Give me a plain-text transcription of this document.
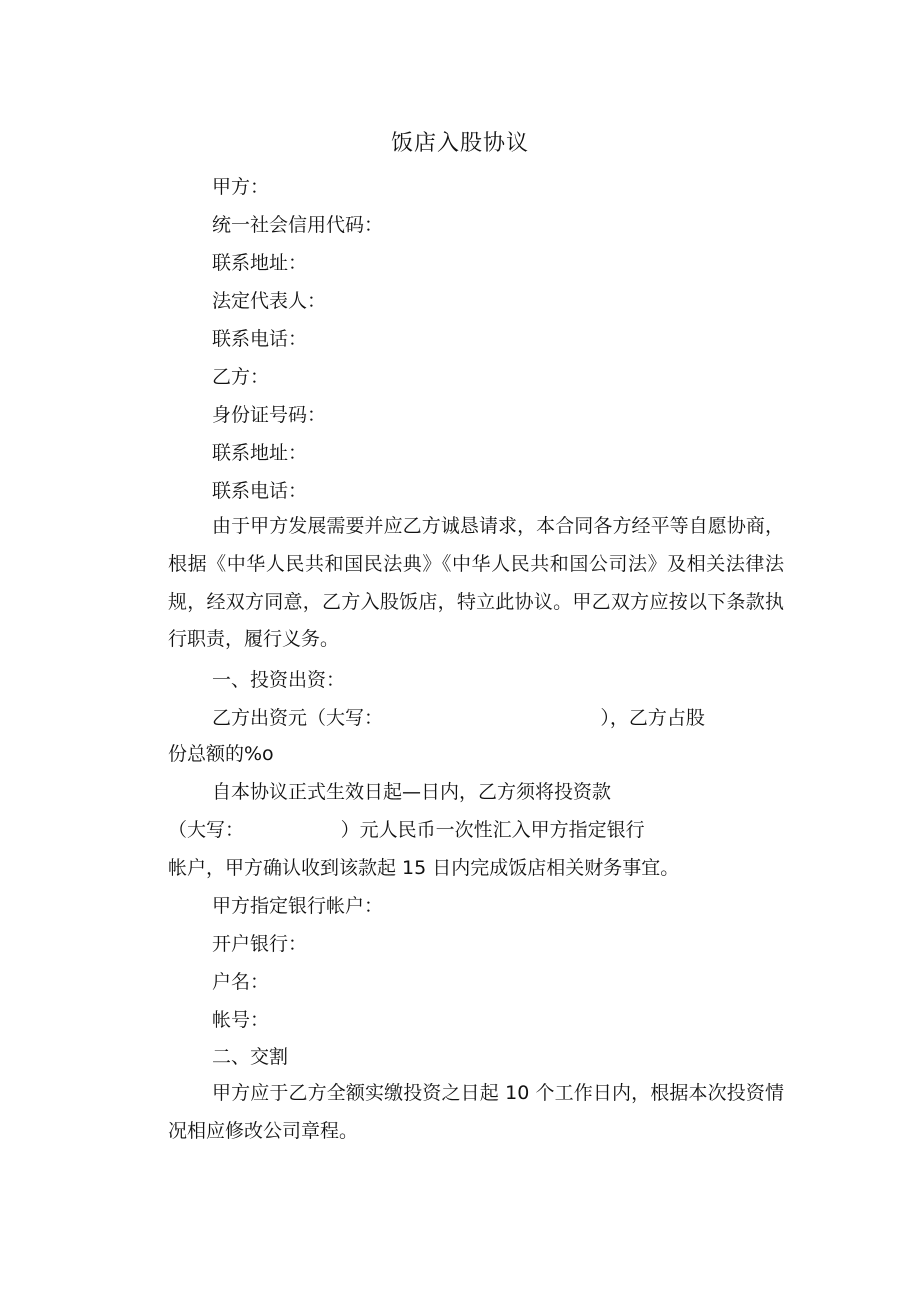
饭店入股协议
甲方：
统一社会信用代码：
联系地址：
法定代表人：
联系电话：
乙方：
身份证号码：
联系地址：
联系电话：
由于甲方发展需要并应乙方诚恳请求，本合同各方经平等自愿协商，根据《中华人民共和国民法典》《中华人民共和国公司法》及相关法律法规，经双方同意，乙方入股饭店，特立此协议。甲乙双方应按以下条款执行职责，履行义务。
一、投资出资：
乙方出资元（大写：                                    ），乙方占股
份总额的%o
自本协议正式生效日起—日内，乙方须将投资款
（大写：                ）元人民币一次性汇入甲方指定银行
帐户，甲方确认收到该款起 15 日内完成饭店相关财务事宜。
甲方指定银行帐户：
开户银行：
户名：
帐号：
二、交割
甲方应于乙方全额实缴投资之日起 10 个工作日内，根据本次投资情况相应修改公司章程。
